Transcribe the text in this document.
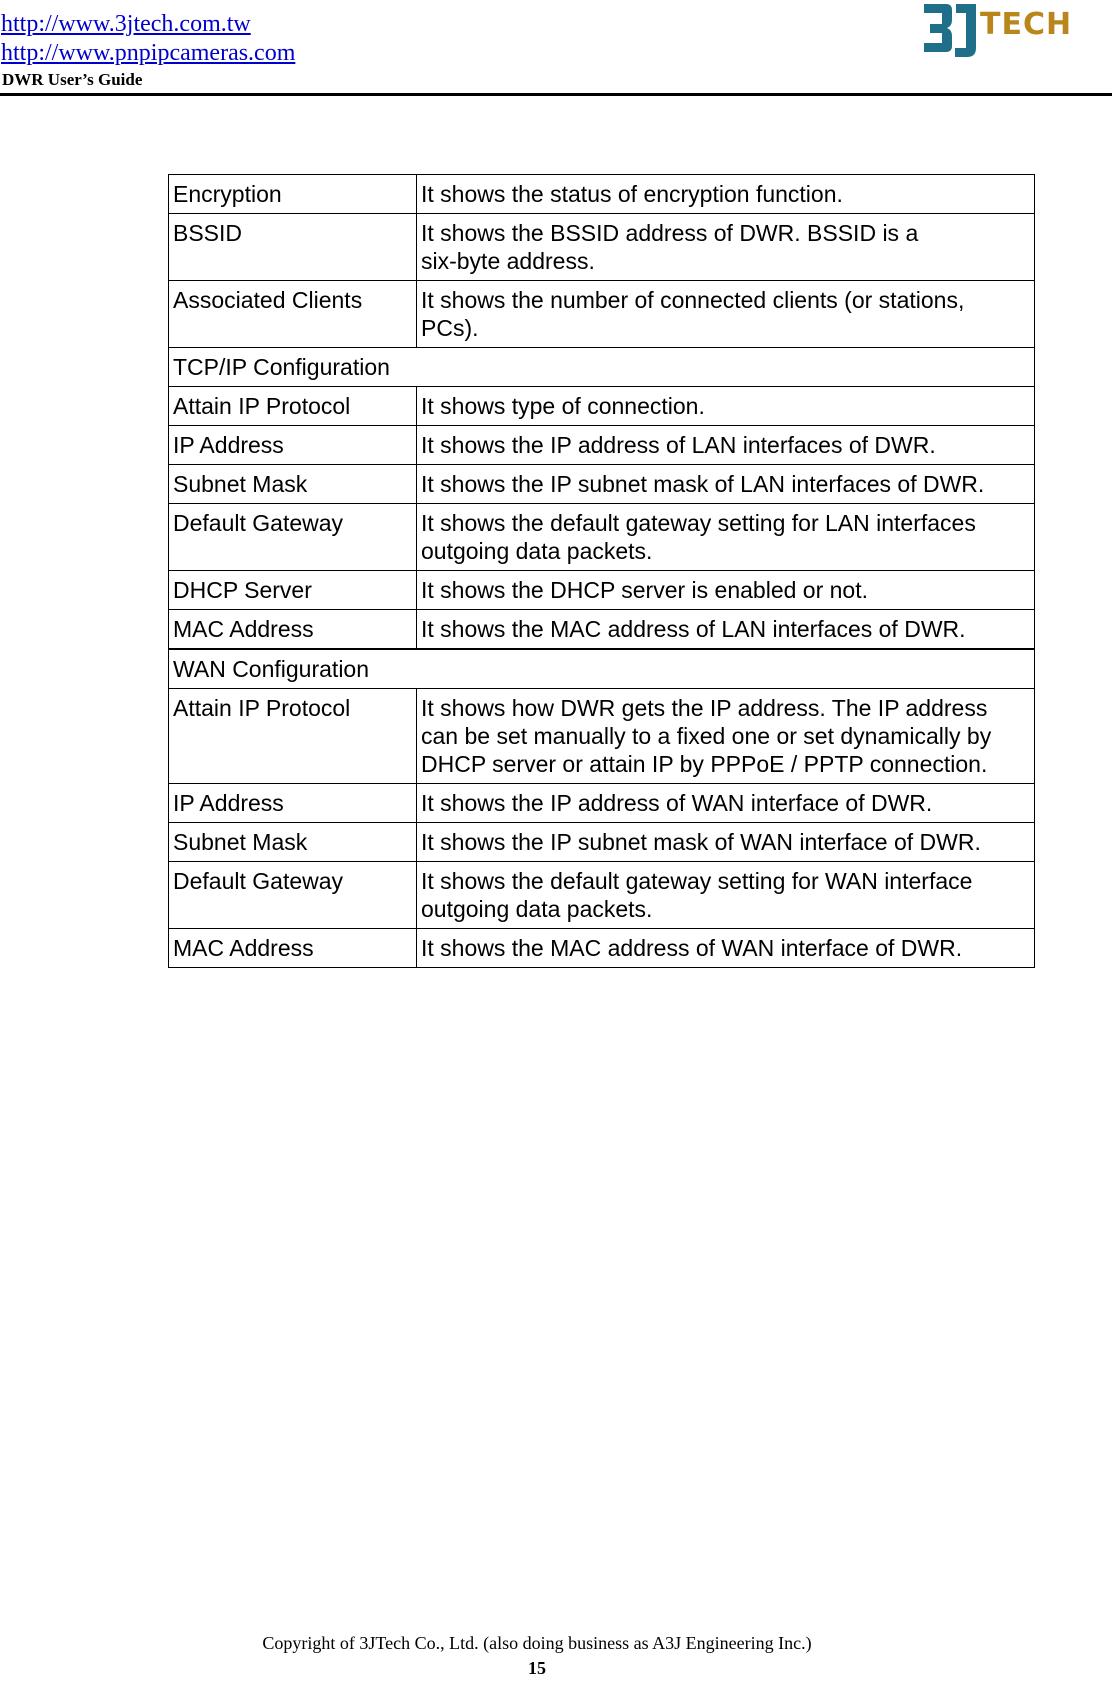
http://www.3jtech.com.tw
http://www.pnpipcameras.com
DWR User’s Guide
TECH
Encryption	It shows the status of encryption function.

BSSID	It shows the BSSID address of DWR. BSSID is a
six-byte address.

Associated Clients	It shows the number of connected clients (or stations,
PCs).

TCP/IP Configuration	
Attain IP Protocol	It shows type of connection.

IP Address	It shows the IP address of LAN interfaces of DWR.

Subnet Mask	It shows the IP subnet mask of LAN interfaces of DWR.

Default Gateway	It shows the default gateway setting for LAN interfaces
outgoing data packets.

DHCP Server	It shows the DHCP server is enabled or not.

MAC Address	It shows the MAC address of LAN interfaces of DWR.

WAN Configuration	
Attain IP Protocol	It shows how DWR gets the IP address. The IP address
can be set manually to a fixed one or set dynamically by
DHCP server or attain IP by PPPoE / PPTP connection.

IP Address	It shows the IP address of WAN interface of DWR.

Subnet Mask	It shows the IP subnet mask of WAN interface of DWR.

Default Gateway	It shows the default gateway setting for WAN interface
outgoing data packets.

MAC Address	It shows the MAC address of WAN interface of DWR.
Copyright of 3JTech Co., Ltd. (also doing business as A3J Engineering Inc.)
15
